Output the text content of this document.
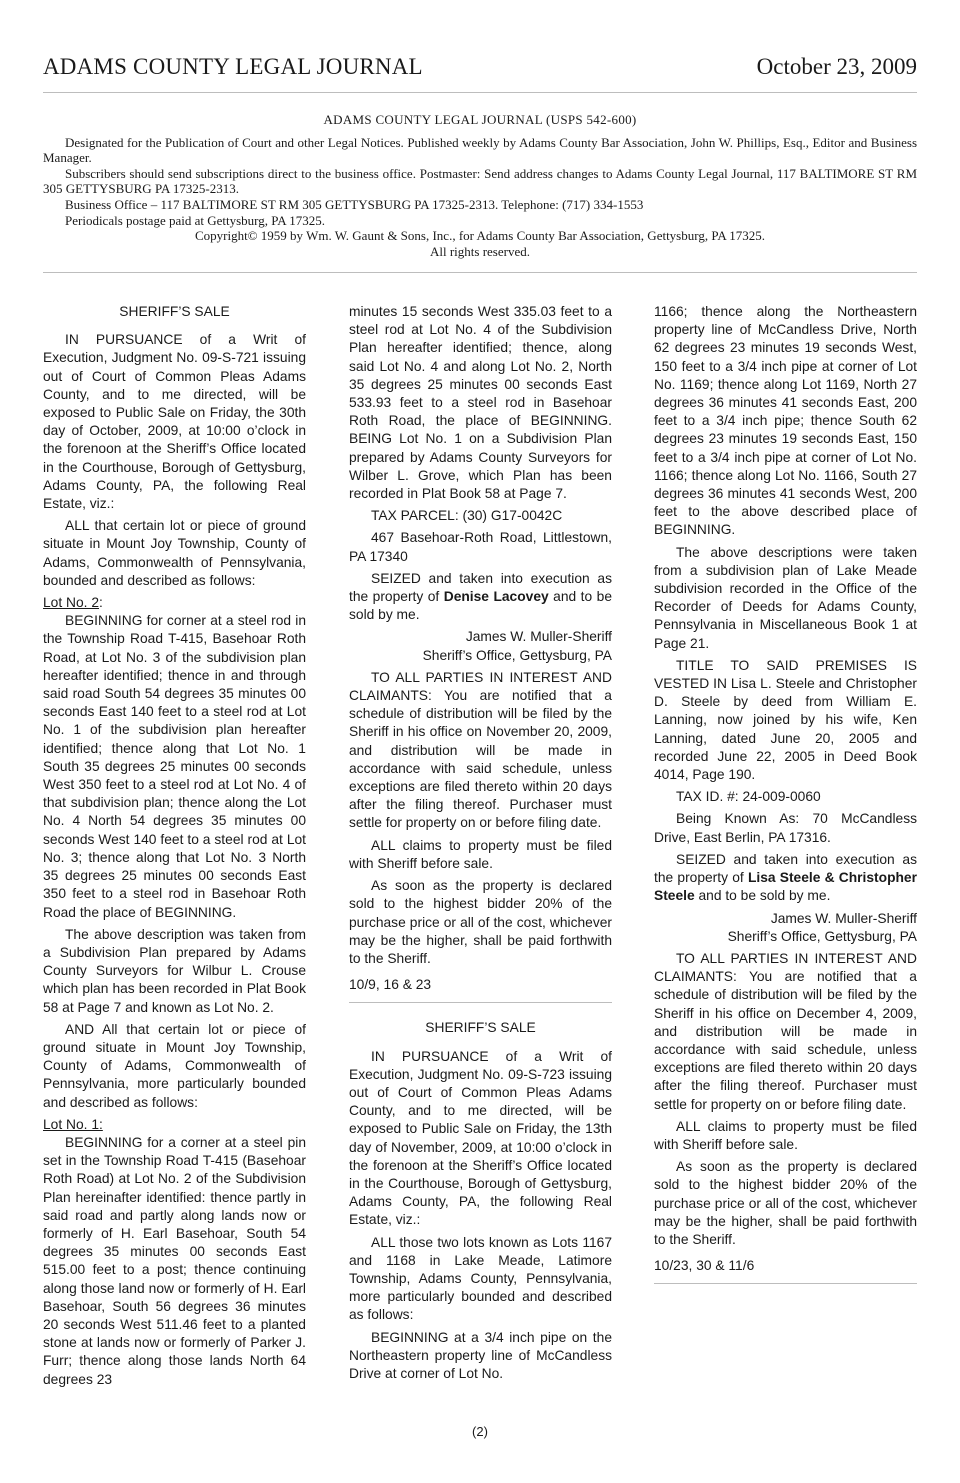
ADAMS COUNTY LEGAL JOURNAL	October 23, 2009

ADAMS COUNTY LEGAL JOURNAL (USPS 542-600)

Designated for the Publication of Court and other Legal Notices. Published weekly by Adams County Bar Association, John W. Phillips, Esq., Editor and Business Manager.

Subscribers should send subscriptions direct to the business office. Postmaster: Send address changes to Adams County Legal Journal, 117 BALTIMORE ST RM 305 GETTYSBURG PA 17325-2313.

Business Office – 117 BALTIMORE ST RM 305 GETTYSBURG PA 17325-2313. Telephone: (717) 334-1553

Periodicals postage paid at Gettysburg, PA 17325.

Copyright© 1959 by Wm. W. Gaunt & Sons, Inc., for Adams County Bar Association, Gettysburg, PA 17325.

All rights reserved.

SHERIFF’S SALE

IN PURSUANCE of a Writ of Execution, Judgment No. 09-S-721 issuing out of Court of Common Pleas Adams County, and to me directed, will be exposed to Public Sale on Friday, the 30th day of October, 2009, at 10:00 o’clock in the forenoon at the Sheriff’s Office located in the Courthouse, Borough of Gettysburg, Adams County, PA, the following Real Estate, viz.:

ALL that certain lot or piece of ground situate in Mount Joy Township, County of Adams, Commonwealth of Pennsylvania, bounded and described as follows:

Lot No. 2:

BEGINNING for corner at a steel rod in the Township Road T-415, Basehoar Roth Road, at Lot No. 3 of the subdivision plan hereafter identified; thence in and through said road South 54 degrees 35 minutes 00 seconds East 140 feet to a steel rod at Lot No. 1 of the subdivision plan hereafter identified; thence along that Lot No. 1 South 35 degrees 25 minutes 00 seconds West 350 feet to a steel rod at Lot No. 4 of that subdivision plan; thence along the Lot No. 4 North 54 degrees 35 minutes 00 seconds West 140 feet to a steel rod at Lot No. 3; thence along that Lot No. 3 North 35 degrees 25 minutes 00 seconds East 350 feet to a steel rod in Basehoar Roth Road the place of BEGINNING.

The above description was taken from a Subdivision Plan prepared by Adams County Surveyors for Wilbur L. Crouse which plan has been recorded in Plat Book 58 at Page 7 and known as Lot No. 2.

AND All that certain lot or piece of ground situate in Mount Joy Township, County of Adams, Commonwealth of Pennsylvania, more particularly bounded and described as follows:

Lot No. 1:

BEGINNING for a corner at a steel pin set in the Township Road T-415 (Basehoar Roth Road) at Lot No. 2 of the Subdivision Plan hereinafter identified: thence partly in said road and partly along lands now or formerly of H. Earl Basehoar, South 54 degrees 35 minutes 00 seconds East 515.00 feet to a post; thence continuing along those land now or formerly of H. Earl Basehoar, South 56 degrees 36 minutes 20 seconds West 511.46 feet to a planted stone at lands now or formerly of Parker J. Furr; thence along those lands North 64 degrees 23

minutes 15 seconds West 335.03 feet to a steel rod at Lot No. 4 of the Subdivision Plan hereafter identified; thence, along said Lot No. 4 and along Lot No. 2, North 35 degrees 25 minutes 00 seconds East 533.93 feet to a steel rod in Basehoar Roth Road, the place of BEGINNING. BEING Lot No. 1 on a Subdivision Plan prepared by Adams County Surveyors for Wilber L. Grove, which Plan has been recorded in Plat Book 58 at Page 7.

TAX PARCEL: (30) G17-0042C

467 Basehoar-Roth Road, Littlestown, PA 17340

SEIZED and taken into execution as the property of Denise Lacovey and to be sold by me.

James W. Muller-Sheriff

Sheriff’s Office, Gettysburg, PA

TO ALL PARTIES IN INTEREST AND CLAIMANTS: You are notified that a schedule of distribution will be filed by the Sheriff in his office on November 20, 2009, and distribution will be made in accordance with said schedule, unless exceptions are filed thereto within 20 days after the filing thereof. Purchaser must settle for property on or before filing date.

ALL claims to property must be filed with Sheriff before sale.

As soon as the property is declared sold to the highest bidder 20% of the purchase price or all of the cost, whichever may be the higher, shall be paid forthwith to the Sheriff.

10/9, 16 & 23

SHERIFF’S SALE

IN PURSUANCE of a Writ of Execution, Judgment No. 09-S-723 issuing out of Court of Common Pleas Adams County, and to me directed, will be exposed to Public Sale on Friday, the 13th day of November, 2009, at 10:00 o’clock in the forenoon at the Sheriff’s Office located in the Courthouse, Borough of Gettysburg, Adams County, PA, the following Real Estate, viz.:

ALL those two lots known as Lots 1167 and 1168 in Lake Meade, Latimore Township, Adams County, Pennsylvania, more particularly bounded and described as follows:

BEGINNING at a 3/4 inch pipe on the Northeastern property line of McCandless Drive at corner of Lot No.

1166; thence along the Northeastern property line of McCandless Drive, North 62 degrees 23 minutes 19 seconds West, 150 feet to a 3/4 inch pipe at corner of Lot No. 1169; thence along Lot 1169, North 27 degrees 36 minutes 41 seconds East, 200 feet to a 3/4 inch pipe; thence South 62 degrees 23 minutes 19 seconds East, 150 feet to a 3/4 inch pipe at corner of Lot No. 1166; thence along Lot No. 1166, South 27 degrees 36 minutes 41 seconds West, 200 feet to the above described place of BEGINNING.

The above descriptions were taken from a subdivision plan of Lake Meade subdivision recorded in the Office of the Recorder of Deeds for Adams County, Pennsylvania in Miscellaneous Book 1 at Page 21.

TITLE TO SAID PREMISES IS VESTED IN Lisa L. Steele and Christopher D. Steele by deed from William E. Lanning, now joined by his wife, Ken Lanning, dated June 20, 2005 and recorded June 22, 2005 in Deed Book 4014, Page 190.

TAX ID. #: 24-009-0060

Being Known As: 70 McCandless Drive, East Berlin, PA 17316.

SEIZED and taken into execution as the property of Lisa Steele & Christopher Steele and to be sold by me.

James W. Muller-Sheriff

Sheriff’s Office, Gettysburg, PA

TO ALL PARTIES IN INTEREST AND CLAIMANTS: You are notified that a schedule of distribution will be filed by the Sheriff in his office on December 4, 2009, and distribution will be made in accordance with said schedule, unless exceptions are filed thereto within 20 days after the filing thereof. Purchaser must settle for property on or before filing date.

ALL claims to property must be filed with Sheriff before sale.

As soon as the property is declared sold to the highest bidder 20% of the purchase price or all of the cost, whichever may be the higher, shall be paid forthwith to the Sheriff.

10/23, 30 & 11/6

(2)
